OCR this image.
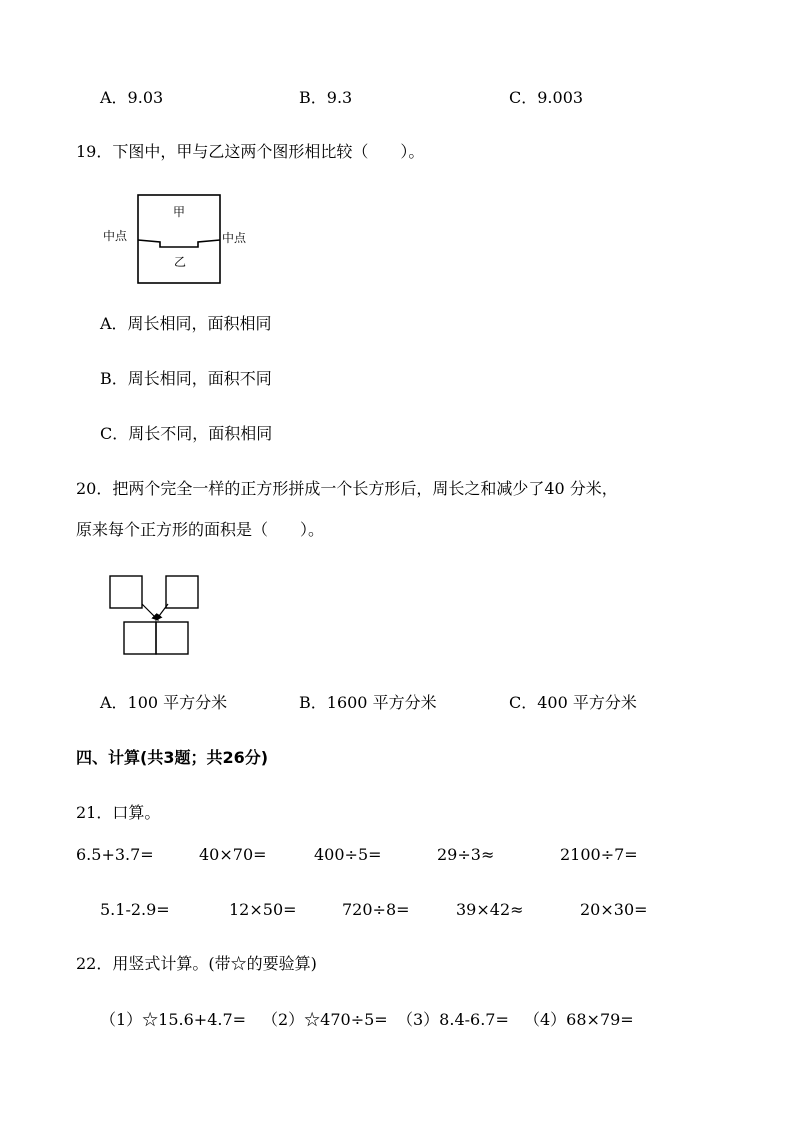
A．9.03	B．9.3	C．9.003
19．下图中，甲与乙这两个图形相比较（　　）。
甲
乙
中点	中点
A．周长相同，面积相同
B．周长相同，面积不同
C．周长不同，面积相同
20．把两个完全一样的正方形拼成一个长方形后，周长之和减少了40 分米，
原来每个正方形的面积是（　　）。
A．100 平方分米	B．1600 平方分米	C．400 平方分米
四、计算(共3题；共26分)
21．口算。
6.5+3.7=	40×70=	400÷5=	29÷3≈	2100÷7=
5.1-2.9=	12×50=	720÷8=	39×42≈	20×30=
22．用竖式计算。(带☆的要验算)
（1）☆15.6+4.7= （2）☆470÷5= （3）8.4-6.7= （4）68×79=
